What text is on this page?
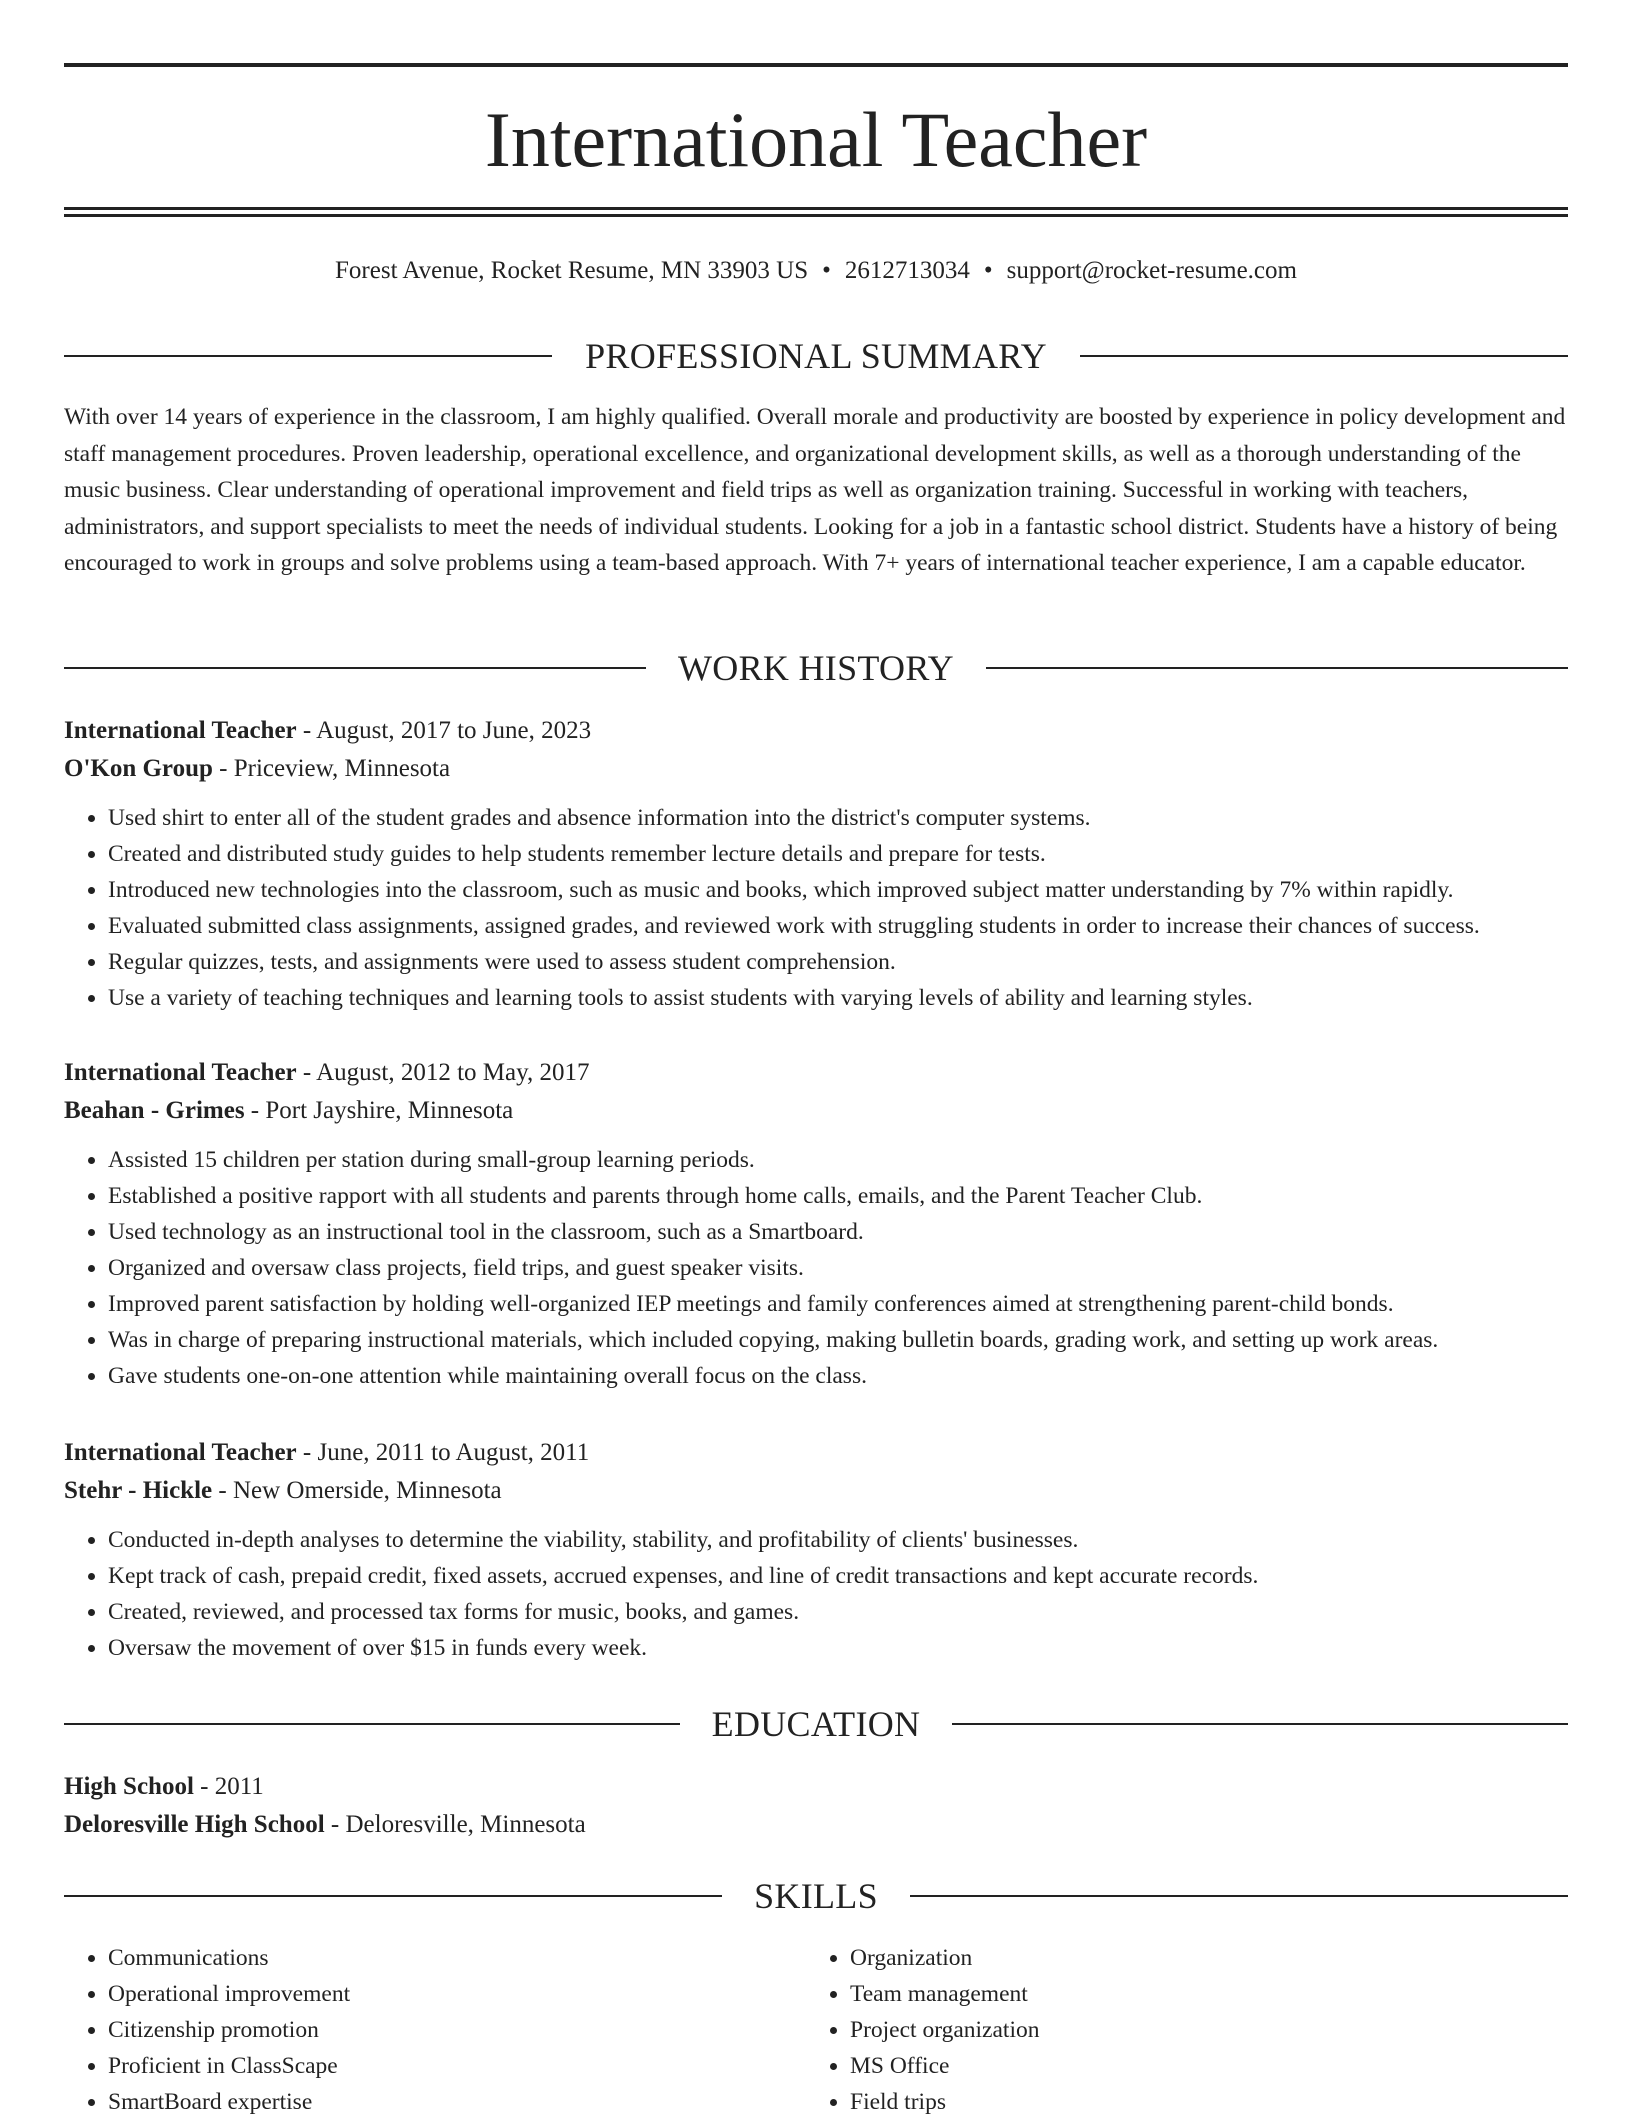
International Teacher
Forest Avenue, Rocket Resume, MN 33903 US • 2612713034 • support@rocket-resume.com
PROFESSIONAL SUMMARY

With over 14 years of experience in the classroom, I am highly qualified. Overall morale and productivity are boosted by experience in policy development and staff management procedures. Proven leadership, operational excellence, and organizational development skills, as well as a thorough understanding of the music business. Clear understanding of operational improvement and field trips as well as organization training. Successful in working with teachers, administrators, and support specialists to meet the needs of individual students. Looking for a job in a fantastic school district. Students have a history of being encouraged to work in groups and solve problems using a team-based approach. With 7+ years of international teacher experience, I am a capable educator.

WORK HISTORY
International Teacher - August, 2017 to June, 2023
O'Kon Group - Priceview, Minnesota
• Used shirt to enter all of the student grades and absence information into the district's computer systems.
• Created and distributed study guides to help students remember lecture details and prepare for tests.
• Introduced new technologies into the classroom, such as music and books, which improved subject matter understanding by 7% within rapidly.
• Evaluated submitted class assignments, assigned grades, and reviewed work with struggling students in order to increase their chances of success.
• Regular quizzes, tests, and assignments were used to assess student comprehension.
• Use a variety of teaching techniques and learning tools to assist students with varying levels of ability and learning styles.
International Teacher - August, 2012 to May, 2017
Beahan - Grimes - Port Jayshire, Minnesota
• Assisted 15 children per station during small-group learning periods.
• Established a positive rapport with all students and parents through home calls, emails, and the Parent Teacher Club.
• Used technology as an instructional tool in the classroom, such as a Smartboard.
• Organized and oversaw class projects, field trips, and guest speaker visits.
• Improved parent satisfaction by holding well-organized IEP meetings and family conferences aimed at strengthening parent-child bonds.
• Was in charge of preparing instructional materials, which included copying, making bulletin boards, grading work, and setting up work areas.
• Gave students one-on-one attention while maintaining overall focus on the class.
International Teacher - June, 2011 to August, 2011
Stehr - Hickle - New Omerside, Minnesota
• Conducted in-depth analyses to determine the viability, stability, and profitability of clients' businesses.
• Kept track of cash, prepaid credit, fixed assets, accrued expenses, and line of credit transactions and kept accurate records.
• Created, reviewed, and processed tax forms for music, books, and games.
• Oversaw the movement of over $15 in funds every week.
EDUCATION
High School - 2011
Deloresville High School - Deloresville, Minnesota
SKILLS
• Communications
• Operational improvement
• Citizenship promotion
• Proficient in ClassScape
• SmartBoard expertise
• Organization
• Team management
• Project organization
• MS Office
• Field trips
